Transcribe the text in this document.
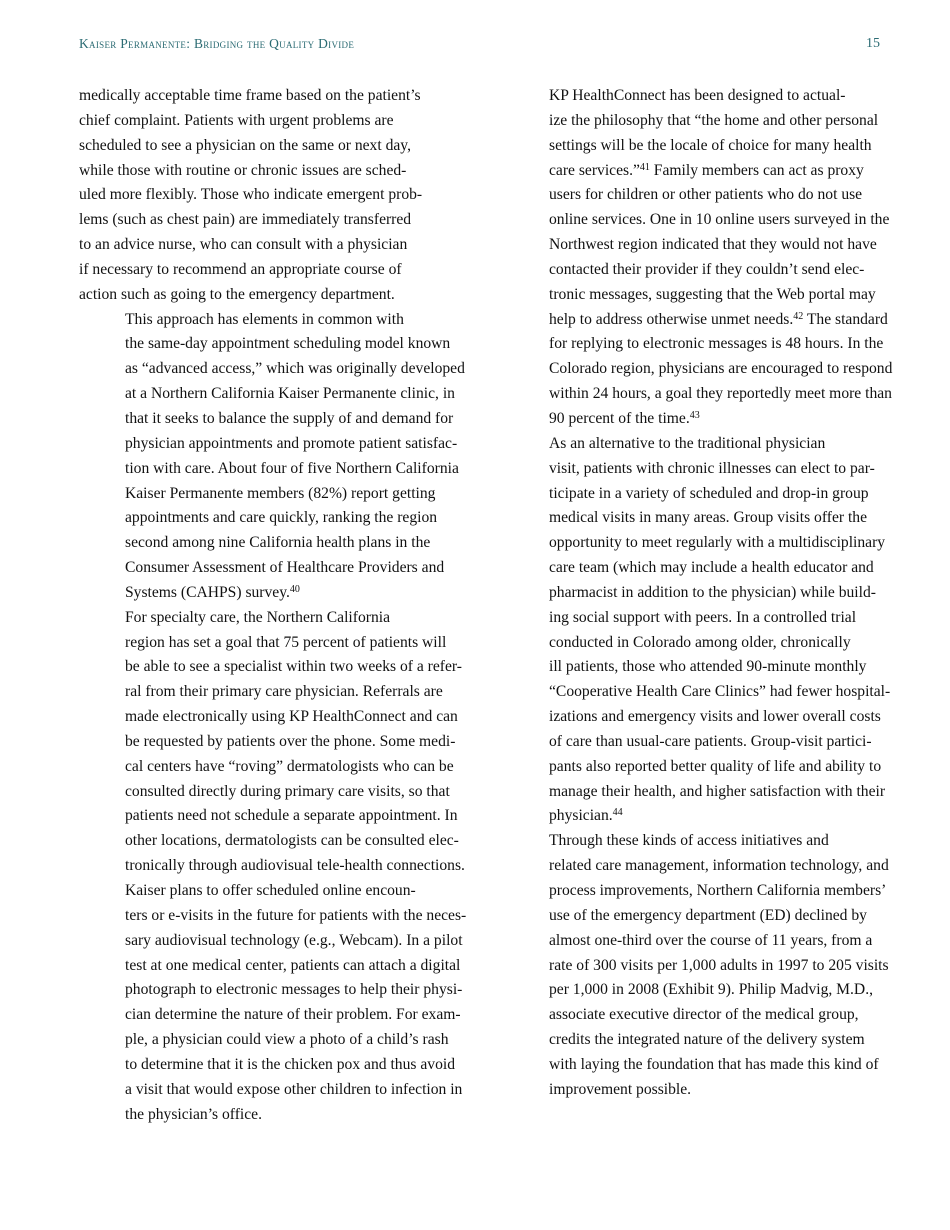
Kaiser Permanente: Bridging the Quality Divide	15

medically acceptable time frame based on the patient’s
chief complaint. Patients with urgent problems are
scheduled to see a physician on the same or next day,
while those with routine or chronic issues are sched-
uled more flexibly. Those who indicate emergent prob-
lems (such as chest pain) are immediately transferred
to an advice nurse, who can consult with a physician
if necessary to recommend an appropriate course of
action such as going to the emergency department.

This approach has elements in common with
the same-day appointment scheduling model known
as “advanced access,” which was originally developed
at a Northern California Kaiser Permanente clinic, in
that it seeks to balance the supply of and demand for
physician appointments and promote patient satisfac-
tion with care. About four of five Northern California
Kaiser Permanente members (82%) report getting
appointments and care quickly, ranking the region
second among nine California health plans in the
Consumer Assessment of Healthcare Providers and
Systems (CAHPS) survey.$^{40}$

For specialty care, the Northern California
region has set a goal that 75 percent of patients will
be able to see a specialist within two weeks of a refer-
ral from their primary care physician. Referrals are
made electronically using KP HealthConnect and can
be requested by patients over the phone. Some medi-
cal centers have “roving” dermatologists who can be
consulted directly during primary care visits, so that
patients need not schedule a separate appointment. In
other locations, dermatologists can be consulted elec-
tronically through audiovisual tele-health connections.

Kaiser plans to offer scheduled online encoun-
ters or e-visits in the future for patients with the neces-
sary audiovisual technology (e.g., Webcam). In a pilot
test at one medical center, patients can attach a digital
photograph to electronic messages to help their physi-
cian determine the nature of their problem. For exam-
ple, a physician could view a photo of a child’s rash
to determine that it is the chicken pox and thus avoid
a visit that would expose other children to infection in
the physician’s office.

KP HealthConnect has been designed to actual-
ize the philosophy that “the home and other personal
settings will be the locale of choice for many health
care services.”$^{41}$ Family members can act as proxy
users for children or other patients who do not use
online services. One in 10 online users surveyed in the
Northwest region indicated that they would not have
contacted their provider if they couldn’t send elec-
tronic messages, suggesting that the Web portal may
help to address otherwise unmet needs.$^{42}$ The standard
for replying to electronic messages is 48 hours. In the
Colorado region, physicians are encouraged to respond
within 24 hours, a goal they reportedly meet more than
90 percent of the time.$^{43}$

As an alternative to the traditional physician
visit, patients with chronic illnesses can elect to par-
ticipate in a variety of scheduled and drop-in group
medical visits in many areas. Group visits offer the
opportunity to meet regularly with a multidisciplinary
care team (which may include a health educator and
pharmacist in addition to the physician) while build-
ing social support with peers. In a controlled trial
conducted in Colorado among older, chronically
ill patients, those who attended 90-minute monthly
“Cooperative Health Care Clinics” had fewer hospital-
izations and emergency visits and lower overall costs
of care than usual-care patients. Group-visit partici-
pants also reported better quality of life and ability to
manage their health, and higher satisfaction with their
physician.$^{44}$

Through these kinds of access initiatives and
related care management, information technology, and
process improvements, Northern California members’
use of the emergency department (ED) declined by
almost one-third over the course of 11 years, from a
rate of 300 visits per 1,000 adults in 1997 to 205 visits
per 1,000 in 2008 (Exhibit 9). Philip Madvig, M.D.,
associate executive director of the medical group,
credits the integrated nature of the delivery system
with laying the foundation that has made this kind of
improvement possible.
